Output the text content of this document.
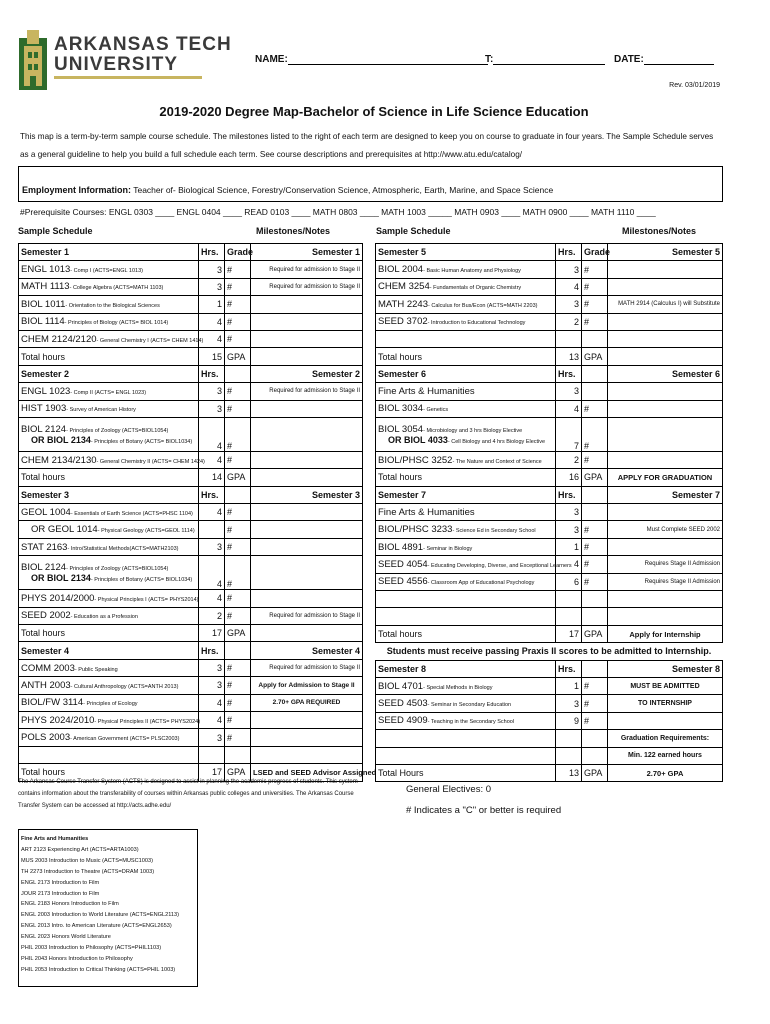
ARKANSAS TECH
UNIVERSITY	NAME:	T:	DATE:
Rev. 03/01/2019
2019-2020 Degree Map-Bachelor of Science in Life Science Education
This map is a term-by-term sample course schedule. The milestones listed to the right of each term are designed to keep you on course to graduate in four years. The Sample Schedule serves as a general guideline to help you build a full schedule each term. See course descriptions and prerequisites at http://www.atu.edu/catalog/
Employment Information: Teacher of- Biological Science, Forestry/Conservation Science, Atmospheric, Earth, Marine, and Space Science
#Prerequisite Courses: ENGL 0303 ____ ENGL 0404 ____ READ 0103 ____ MATH 0803 ____ MATH 1003 _____ MATH 0903 ____ MATH 0900 ____ MATH 1110 ____
Sample Schedule	Milestones/Notes	Sample Schedule	Milestones/Notes
Semester 1	Hrs.	Grade	Semester 1
ENGL 1013- Comp I (ACTS=ENGL 1013)	3	#	Required for admission to Stage II
MATH 1113- College Algebra (ACTS=MATH 1103)	3	#	Required for admission to Stage II
BIOL 1011- Orientation to the Biological Sciences	1	#	
BIOL 1114- Principles of Biology (ACTS= BIOL 1014)	4	#	
CHEM 2124/2120- General Chemistry I (ACTS= CHEM 1414)	4	#	
Total hours	15	GPA	
Semester 2	Hrs.		Semester 2
ENGL 1023- Comp II (ACTS= ENGL 1023)	3	#	Required for admission to Stage II
HIST 1903- Survey of American History	3	#	
BIOL 2124- Principles of Zoology (ACTS=BIOL1054)
OR BIOL 2134- Principles of Botany (ACTS= BIOL1034)	4	#	
CHEM 2134/2130- General Chemistry II (ACTS= CHEM 1424)	4	#	
Total hours	14	GPA	
Semester 3	Hrs.		Semester 3
GEOL 1004- Essentials of Earth Science (ACTS=PHSC 1104)	4	#	
OR GEOL 1014- Physical Geology (ACTS=GEOL 1114)		#	
STAT 2163- Intro/Statistical Methods(ACTS=MATH2103)	3	#	
BIOL 2124- Principles of Zoology (ACTS=BIOL1054)
OR BIOL 2134- Principles of Botany (ACTS= BIOL1034)	4	#	
PHYS 2014/2000- Physical Principles I (ACTS= PHYS2014)	4	#	
SEED 2002- Education as a Profession	2	#	Required for admission to Stage II
Total hours	17	GPA	
Semester 4	Hrs.		Semester 4
COMM 2003- Public Speaking	3	#	Required for admission to Stage II
ANTH 2003- Cultural Anthropology (ACTS=ANTH 2013)	3	#	Apply for Admission to Stage II
BIOL/FW 3114- Principles of Ecology	4	#	2.70+ GPA REQUIRED
PHYS 2024/2010- Physical Principles II (ACTS= PHYS2024)	4	#	
POLS 2003- American Government (ACTS= PLSC2003)	3	#	

Total hours	17	GPA	LSED and SEED Advisor Assigned
Semester 5	Hrs.	Grade	Semester 5
BIOL 2004- Basic Human Anatomy and Physiology	3	#	
CHEM 3254- Fundamentals of Organic Chemistry	4	#	
MATH 2243- Calculus for Bus/Econ (ACTS=MATH 2203)	3	#	MATH 2914 (Calculus I) will Substitute
SEED 3702- Introduction to Educational Technology	2	#	

Total hours	13	GPA	
Semester 6	Hrs.		Semester 6
Fine Arts & Humanities	3		
BIOL 3034- Genetics	4	#	
BIOL 3054- Microbiology and 3 hrs Biology Elective
OR BIOL 4033- Cell Biology and 4 hrs Biology Elective	7	#	
BIOL/PHSC 3252- The Nature and Context of Science	2	#	
Total hours	16	GPA	APPLY FOR GRADUATION
Semester 7	Hrs.		Semester 7
Fine Arts & Humanities	3		
BIOL/PHSC 3233- Science Ed in Secondary School	3	#	Must Complete SEED 2002
BIOL 4891- Seminar in Biology	1	#	
SEED 4054- Educating Developing, Diverse, and Exceptional Learners	4	#	Requires Stage II Admission
SEED 4556- Classroom App of Educational Psychology	6	#	Requires Stage II Admission

Total hours	17	GPA	Apply for Internship
Students must receive passing Praxis II scores to be admitted to Internship.			
Semester 8	Hrs.		Semester 8
BIOL 4701- Special Methods in Biology	1	#	MUST BE ADMITTED
SEED 4503- Seminar in Secondary Education	3	#	TO INTERNSHIP
SEED 4909- Teaching in the Secondary School	9	#	
			Graduation Requirements:
			Min. 122 earned hours
Total Hours	13	GPA	2.70+ GPA
The Arkansas Course Transfer System (ACTS) is designed to assist in planning the academic progress of students. This system contains information about the transferability of courses within Arkansas public colleges and universities. The Arkansas Course Transfer System can be accessed at http://acts.adhe.edu/
General Electives: 0
# Indicates a "C" or better is required
Fine Arts and Humanities
ART 2123 Experiencing Art (ACTS=ARTA1003)
MUS 2003 Introduction to Music (ACTS=MUSC1003)
TH 2273 Introduction to Theatre (ACTS=DRAM 1003)
ENGL 2173 Introduction to Film
JOUR 2173 Introduction to Film
ENGL 2183 Honors Introduction to Film
ENGL 2003 Introduction to World Literature (ACTS=ENGL2113)
ENGL 2013 Intro. to American Literature (ACTS=ENGL2653)
ENGL 2023 Honors World Literature
PHIL 2003 Introduction to Philosophy (ACTS=PHIL1103)
PHIL 2043 Honors Introduction to Philosophy
PHIL 2053 Introduction to Critical Thinking (ACTS=PHIL 1003)
